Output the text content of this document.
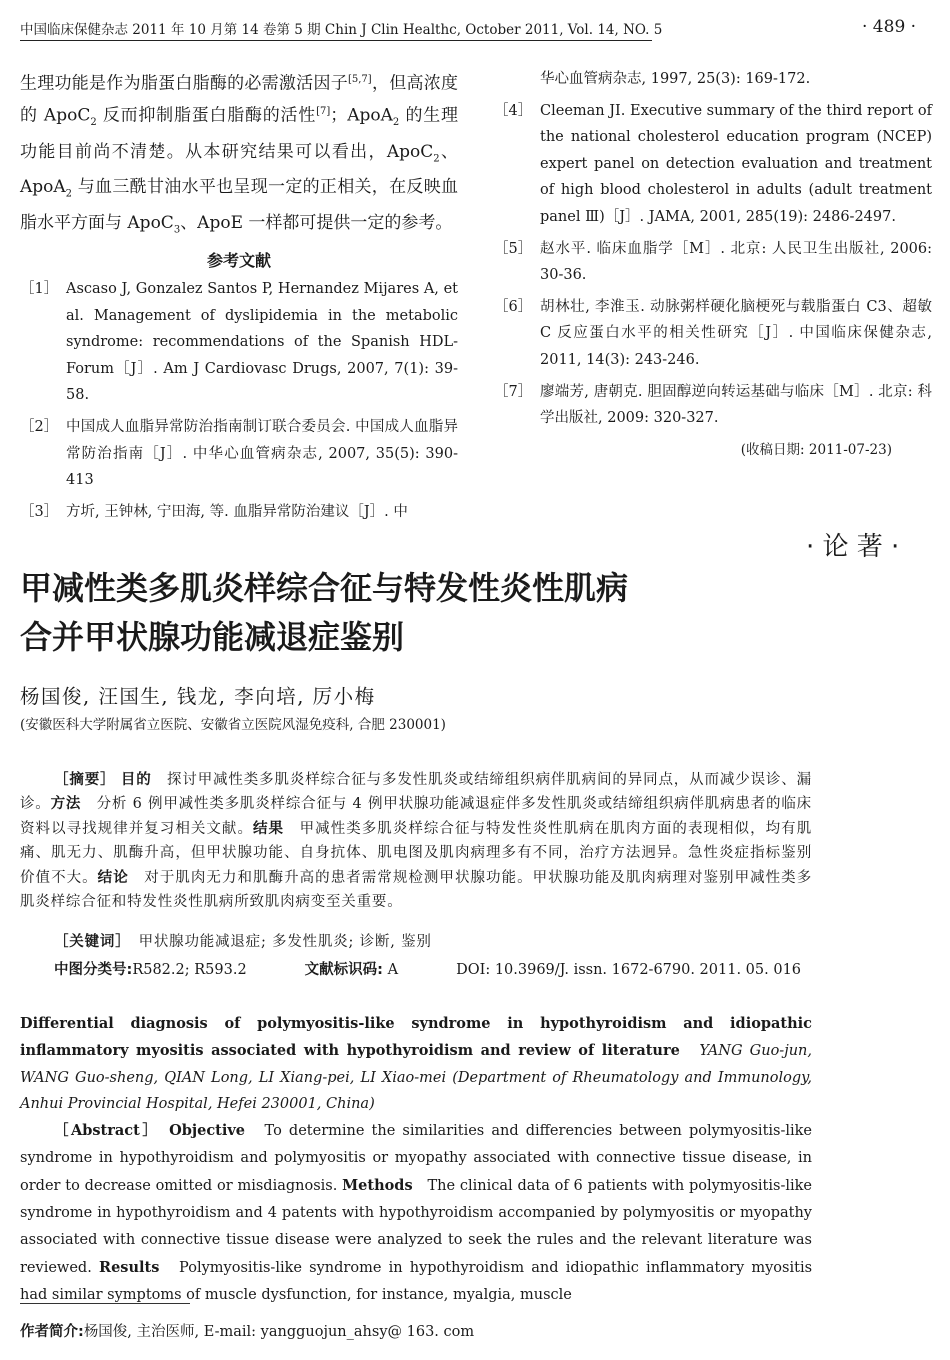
中国临床保健杂志 2011 年 10 月第 14 卷第 5 期 Chin J Clin Healthc, October 2011, Vol. 14, NO. 5	· 489 ·

生理功能是作为脂蛋白脂酶的必需激活因子[5,7]，但高浓度的 ApoC$_2$ 反而抑制脂蛋白脂酶的活性[7]；ApoA$_2$ 的生理功能目前尚不清楚。从本研究结果可以看出，ApoC$_2$、ApoA$_2$ 与血三酰甘油水平也呈现一定的正相关，在反映血脂水平方面与 ApoC$_3$、ApoE 一样都可提供一定的参考。

参考文献
［1］ Ascaso J, Gonzalez Santos P, Hernandez Mijares A, et al. Management of dyslipidemia in the metabolic syndrome: recommendations of the Spanish HDL-Forum［J］. Am J Cardiovasc Drugs, 2007, 7(1): 39-58.
［2］ 中国成人血脂异常防治指南制订联合委员会. 中国成人血脂异常防治指南［J］. 中华心血管病杂志, 2007, 35(5): 390-413
［3］ 方圻, 王钟林, 宁田海, 等. 血脂异常防治建议［J］. 中
华心血管病杂志, 1997, 25(3): 169-172.
［4］ Cleeman JI. Executive summary of the third report of the national cholesterol education program (NCEP) expert panel on detection evaluation and treatment of high blood cholesterol in adults (adult treatment panel Ⅲ)［J］. JAMA, 2001, 285(19): 2486-2497.
［5］ 赵水平. 临床血脂学［M］. 北京: 人民卫生出版社, 2006: 30-36.
［6］ 胡林壮, 李淮玉. 动脉粥样硬化脑梗死与载脂蛋白 C3、超敏 C 反应蛋白水平的相关性研究［J］. 中国临床保健杂志, 2011, 14(3): 243-246.
［7］ 廖端芳, 唐朝克. 胆固醇逆向转运基础与临床［M］. 北京: 科学出版社, 2009: 320-327.
(收稿日期: 2011-07-23)
· 论 著 ·
甲减性类多肌炎样综合征与特发性炎性肌病
合并甲状腺功能减退症鉴别
杨国俊, 汪国生, 钱龙, 李向培, 厉小梅
(安徽医科大学附属省立医院、安徽省立医院风湿免疫科, 合肥 230001)
［摘要］ 目的　 探讨甲减性类多肌炎样综合征与多发性肌炎或结缔组织病伴肌病间的异同点，从而减少误诊、漏诊。方法　 分析 6 例甲减性类多肌炎样综合征与 4 例甲状腺功能减退症伴多发性肌炎或结缔组织病伴肌病患者的临床资料以寻找规律并复习相关文献。结果　 甲减性类多肌炎样综合征与特发性炎性肌病在肌肉方面的表现相似，均有肌痛、肌无力、肌酶升高，但甲状腺功能、自身抗体、肌电图及肌肉病理多有不同，治疗方法迥异。急性炎症指标鉴别价值不大。结论　 对于肌肉无力和肌酶升高的患者需常规检测甲状腺功能。甲状腺功能及肌肉病理对鉴别甲减性类多肌炎样综合征和特发性炎性肌病所致肌肉病变至关重要。
［关键词］　 甲状腺功能减退症; 多发性肌炎; 诊断, 鉴别
中图分类号:R582.2; R593.2	文献标识码: A	DOI: 10.3969/J. issn. 1672-6790. 2011. 05. 016
Differential diagnosis of polymyositis-like syndrome in hypothyroidism and idiopathic inflammatory myositis associated with hypothyroidism and review of literature　 YANG Guo-jun, WANG Guo-sheng, QIAN Long, LI Xiang-pei, LI Xiao-mei (Department of Rheumatology and Immunology, Anhui Provincial Hospital, Hefei 230001, China)
［Abstract］　 Objective　 To determine the similarities and differencies between polymyositis-like syndrome in hypothyroidism and polymyositis or myopathy associated with connective tissue disease, in order to decrease omitted or misdiagnosis. Methods　 The clinical data of 6 patients with polymyositis-like syndrome in hypothyroidism and 4 patents with hypothyroidism accompanied by polymyositis or myopathy associated with connective tissue disease were analyzed to seek the rules and the relevant literature was reviewed. Results　 Polymyositis-like syndrome in hypothyroidism and idiopathic inflammatory myositis had similar symptoms of muscle dysfunction, for instance, myalgia, muscle
作者简介:杨国俊, 主治医师, E-mail: yangguojun_ahsy@ 163. com
